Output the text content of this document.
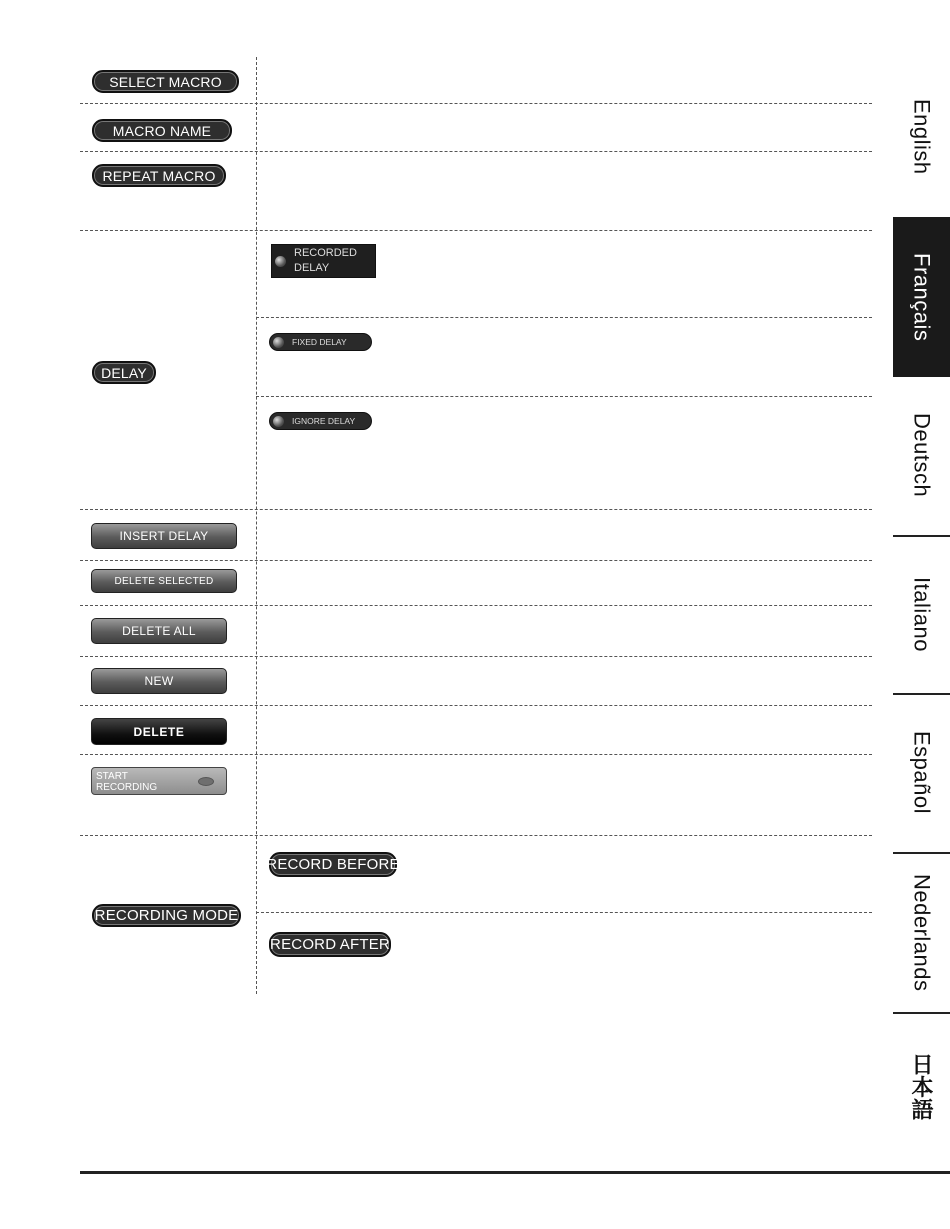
SELECT MACRO
MACRO NAME
REPEAT MACRO
DELAY
RECORDED
DELAY
FIXED DELAY
IGNORE DELAY
INSERT DELAY
DELETE SELECTED
DELETE ALL
NEW
DELETE
START
RECORDING
RECORDING MODE
RECORD BEFORE
RECORD AFTER
English
Français
Deutsch
Italiano
Español
Nederlands
日本語
